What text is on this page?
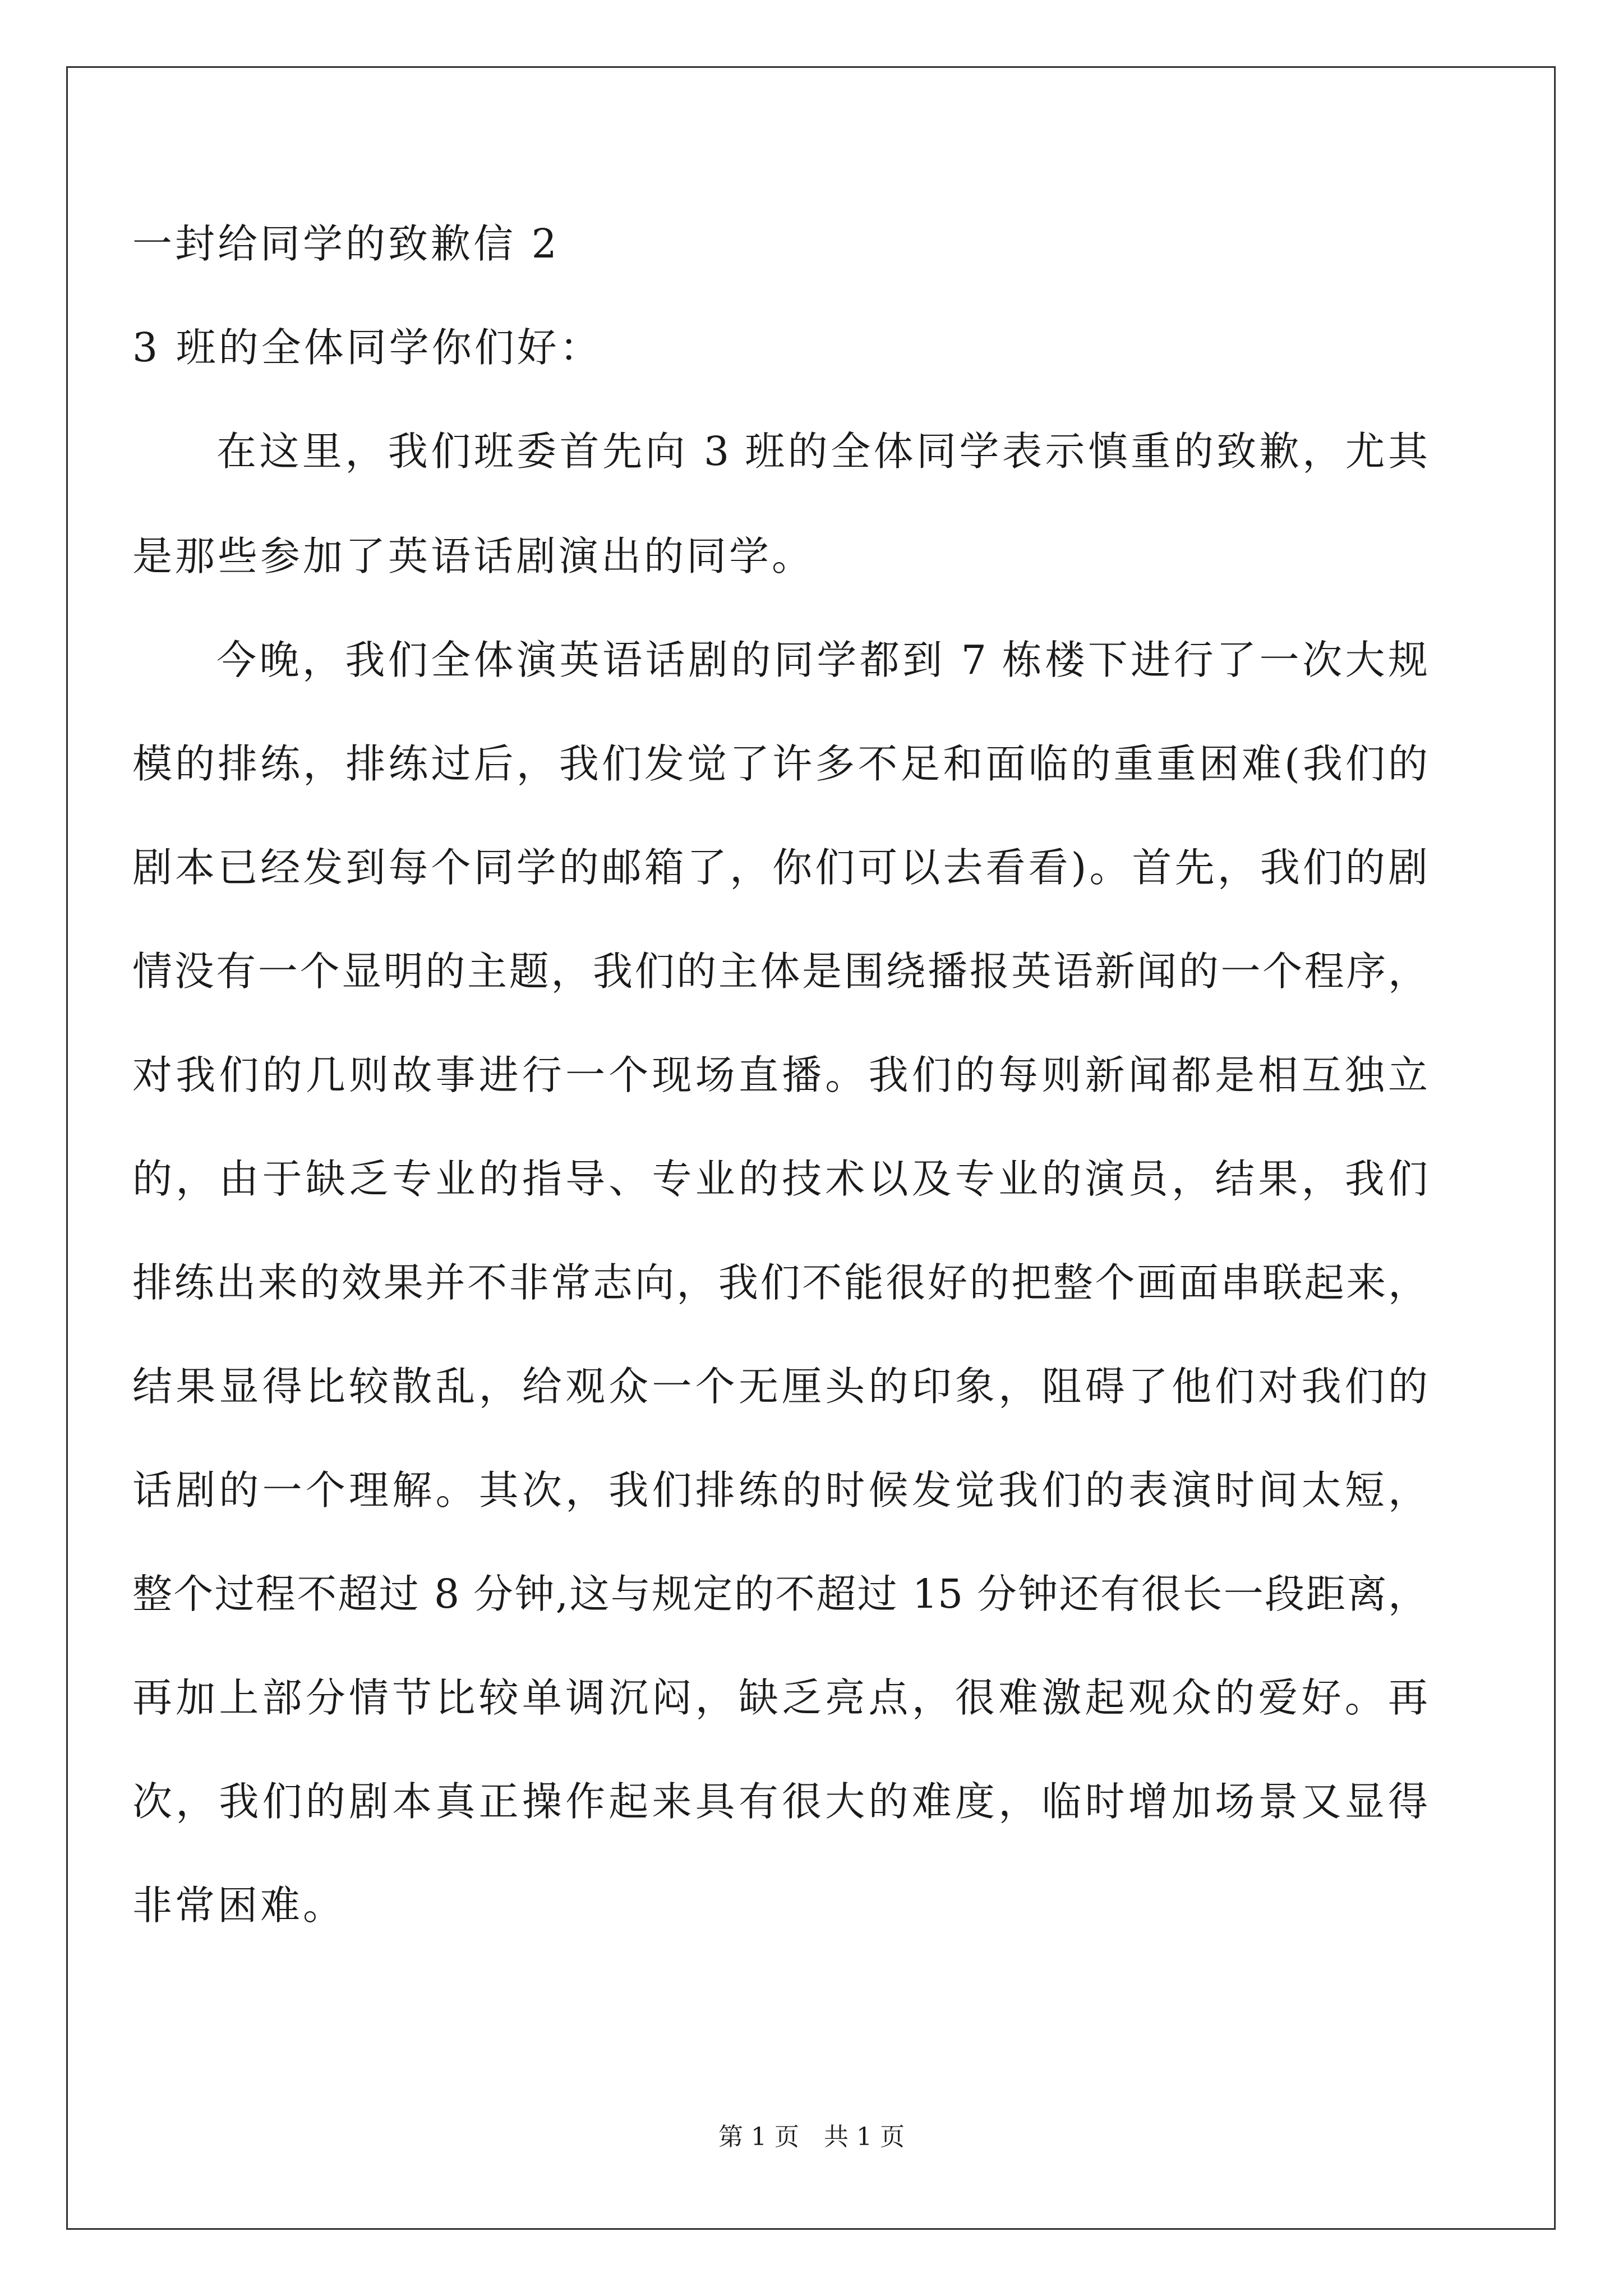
一封给同学的致歉信 2
3 班的全体同学你们好：
在这里，我们班委首先向 3 班的全体同学表示慎重的致歉，尤其
是那些参加了英语话剧演出的同学。
今晚，我们全体演英语话剧的同学都到 7 栋楼下进行了一次大规
模的排练，排练过后，我们发觉了许多不足和面临的重重困难(我们的
剧本已经发到每个同学的邮箱了，你们可以去看看)。首先，我们的剧
情没有一个显明的主题，我们的主体是围绕播报英语新闻的一个程序，
对我们的几则故事进行一个现场直播。我们的每则新闻都是相互独立
的，由于缺乏专业的指导、专业的技术以及专业的演员，结果，我们
排练出来的效果并不非常志向，我们不能很好的把整个画面串联起来，
结果显得比较散乱，给观众一个无厘头的印象，阻碍了他们对我们的
话剧的一个理解。其次，我们排练的时候发觉我们的表演时间太短，
整个过程不超过 8 分钟,这与规定的不超过 15 分钟还有很长一段距离，
再加上部分情节比较单调沉闷，缺乏亮点，很难激起观众的爱好。再
次，我们的剧本真正操作起来具有很大的难度，临时增加场景又显得
非常困难。
第 1 页　共 1 页
